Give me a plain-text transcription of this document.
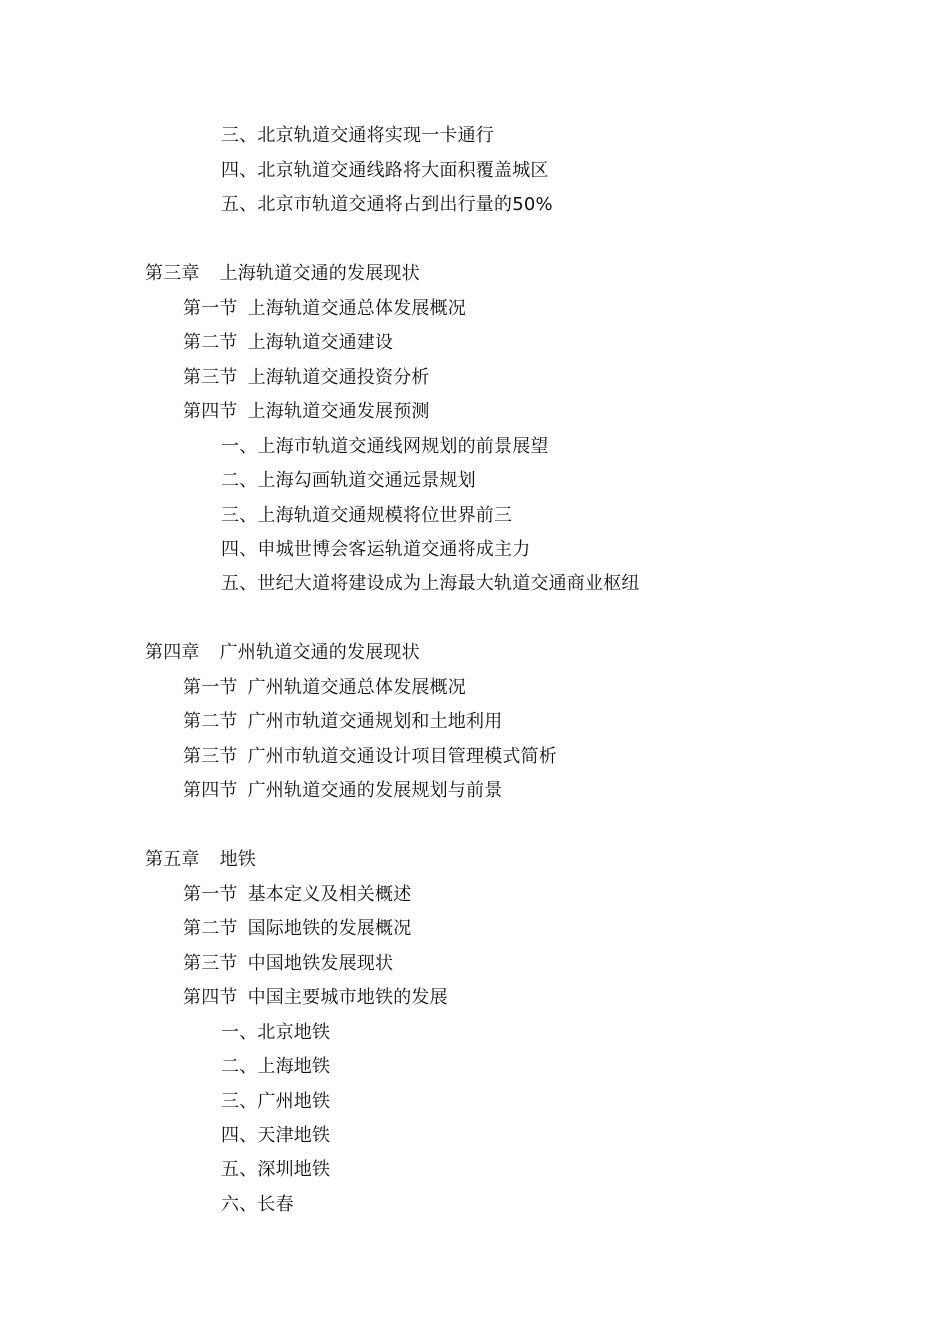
三、北京轨道交通将实现一卡通行
四、北京轨道交通线路将大面积覆盖城区
五、北京市轨道交通将占到出行量的50%
第三章 上海轨道交通的发展现状
第一节 上海轨道交通总体发展概况
第二节 上海轨道交通建设
第三节 上海轨道交通投资分析
第四节 上海轨道交通发展预测
一、上海市轨道交通线网规划的前景展望
二、上海勾画轨道交通远景规划
三、上海轨道交通规模将位世界前三
四、申城世博会客运轨道交通将成主力
五、世纪大道将建设成为上海最大轨道交通商业枢纽
第四章 广州轨道交通的发展现状
第一节 广州轨道交通总体发展概况
第二节 广州市轨道交通规划和土地利用
第三节 广州市轨道交通设计项目管理模式简析
第四节 广州轨道交通的发展规划与前景
第五章 地铁
第一节 基本定义及相关概述
第二节 国际地铁的发展概况
第三节 中国地铁发展现状
第四节 中国主要城市地铁的发展
一、北京地铁
二、上海地铁
三、广州地铁
四、天津地铁
五、深圳地铁
六、长春
